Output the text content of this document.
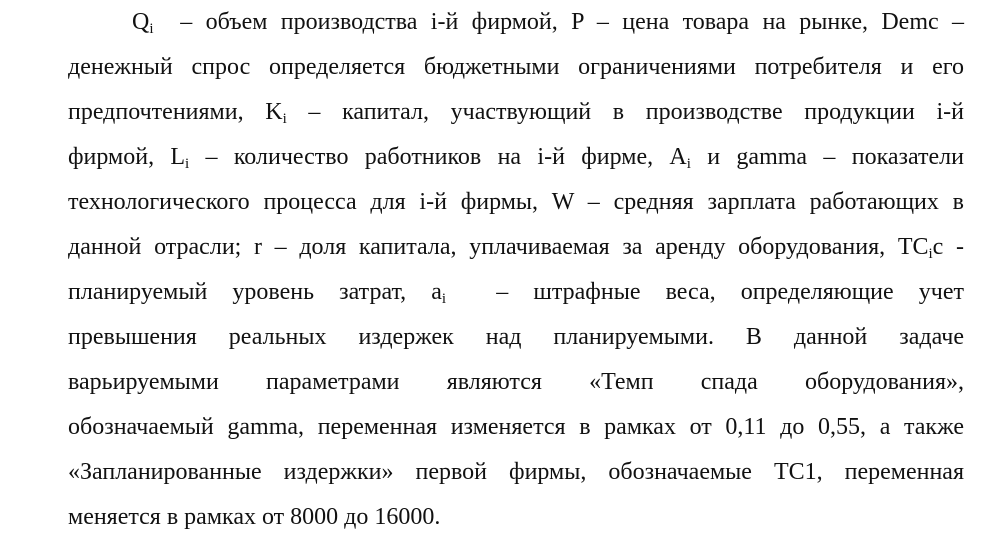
$Q_i$  – объем производства i-й фирмой, P – цена товара на рынке, Demc –
денежный спрос определяется бюджетными ограничениями потребителя и его
предпочтениями, $K_i$ – капитал, участвующий в производстве продукции i-й
фирмой, $L_i$ – количество работников на i-й фирме, $A_i$ и gamma – показатели
технологического процесса для i-й фирмы, W – средняя зарплата работающих в
данной отрасли; r – доля капитала, уплачиваемая за аренду оборудования, $TC_ic$ -
планируемый уровень затрат, $a_i$  – штрафные веса, определяющие учет
превышения реальных издержек над планируемыми. В данной задаче
варьируемыми параметрами являются «Темп спада оборудования»,
обозначаемый gamma, переменная изменяется в рамках от 0,11 до 0,55, а также
«Запланированные издержки» первой фирмы, обозначаемые TC1, переменная
меняется в рамках от 8000 до 16000.
